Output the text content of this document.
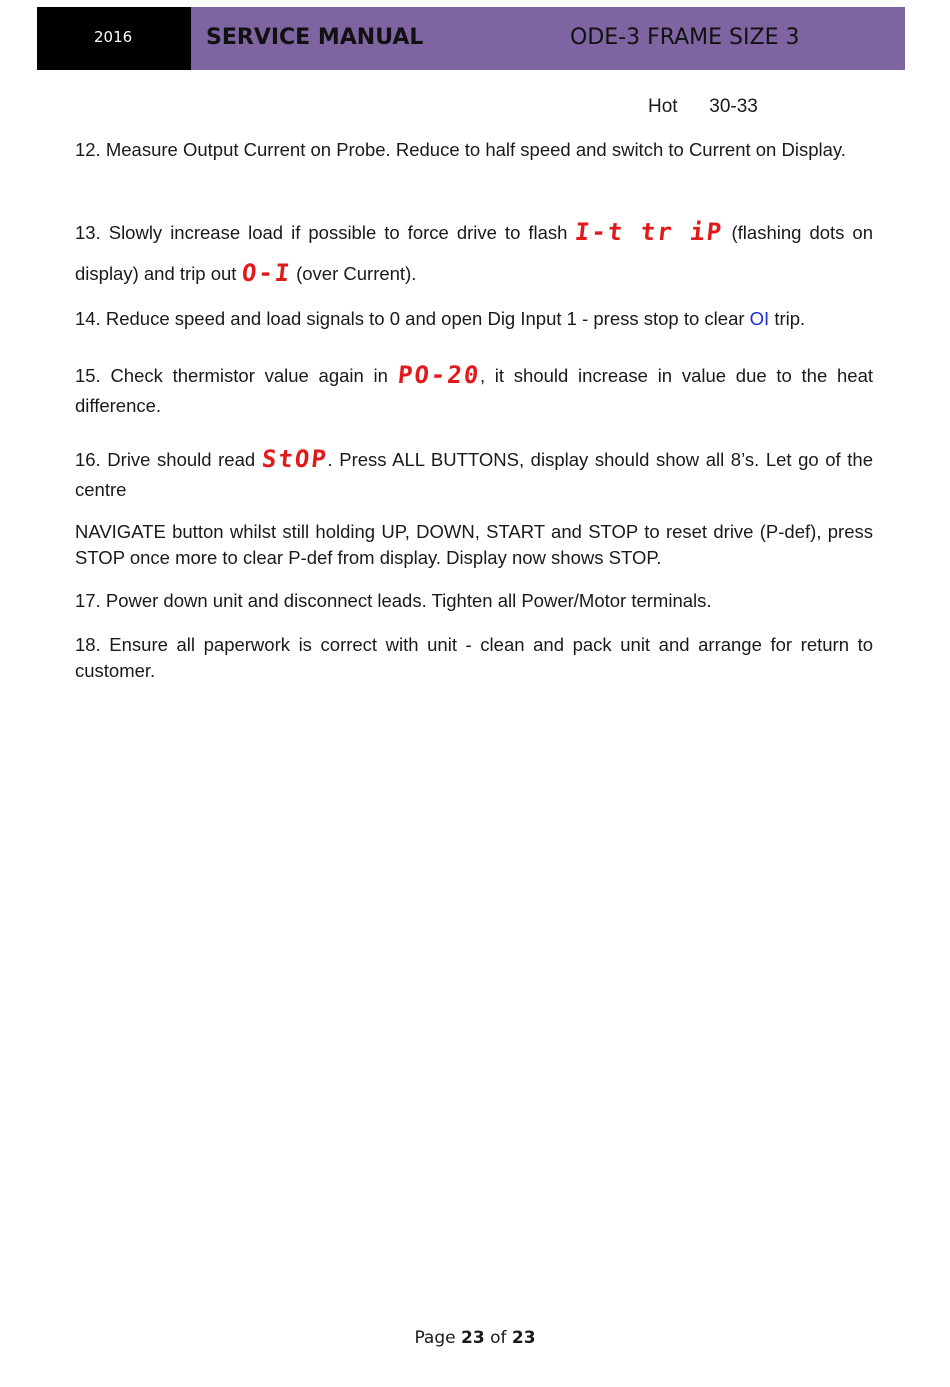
2016	SERVICE MANUAL	ODE-3 FRAME SIZE 3
Hot 30-33

12. Measure Output Current on Probe. Reduce to half speed and switch to Current on Display.

13. Slowly increase load if possible to force drive to flash I-t tr iP (flashing dots on display) and trip out O-I (over Current).

14. Reduce speed and load signals to 0 and open Dig Input 1 - press stop to clear OI trip.

15. Check thermistor value again in PO-20, it should increase in value due to the heat difference.

16. Drive should read StOP. Press ALL BUTTONS, display should show all 8’s. Let go of the centre

NAVIGATE button whilst still holding UP, DOWN, START and STOP to reset drive (P-def), press STOP once more to clear P-def from display. Display now shows STOP.

17. Power down unit and disconnect leads. Tighten all Power/Motor terminals.

18. Ensure all paperwork is correct with unit - clean and pack unit and arrange for return to customer.

Page 23 of 23
